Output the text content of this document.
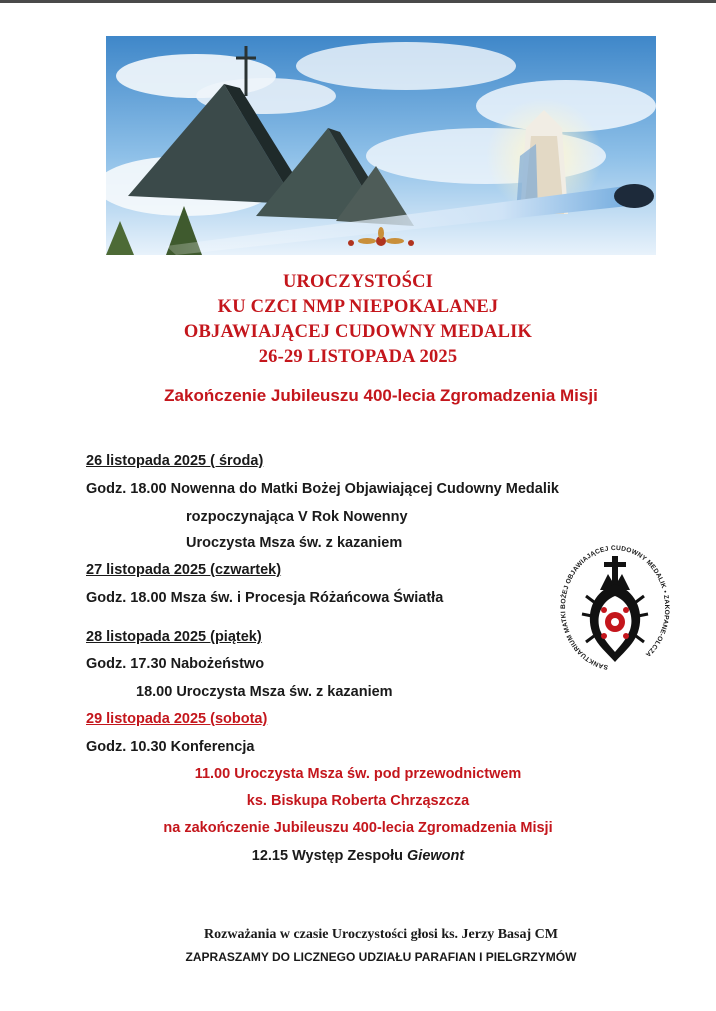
UROCZYSTOŚCI
KU CZCI NMP NIEPOKALANEJ
OBJAWIAJĄCEJ CUDOWNY MEDALIK
26-29 LISTOPADA 2025
Zakończenie Jubileuszu 400-lecia Zgromadzenia Misji
26 listopada 2025 ( środa)
Godz. 18.00 Nowenna do Matki Bożej Objawiającej Cudowny Medalik
rozpoczynająca V Rok Nowenny
Uroczysta Msza św. z kazaniem
27 listopada 2025 (czwartek)
Godz. 18.00 Msza św. i Procesja Różańcowa Światła
28 listopada 2025 (piątek)
Godz. 17.30 Nabożeństwo
18.00 Uroczysta Msza św. z kazaniem
29 listopada 2025 (sobota)
Godz. 10.30 Konferencja
11.00 Uroczysta Msza św. pod przewodnictwem
ks. Biskupa Roberta Chrząszcza
na zakończenie Jubileuszu 400-lecia Zgromadzenia Misji
12.15 Występ Zespołu Giewont
SANKTUARIUM MATKI BOŻEJ OBJAWIAJĄCEJ CUDOWNY MEDALIK • ZAKOPANE-OLCZA
Rozważania w czasie Uroczystości głosi ks. Jerzy Basaj CM
ZAPRASZAMY DO LICZNEGO UDZIAŁU PARAFIAN I PIELGRZYMÓW
